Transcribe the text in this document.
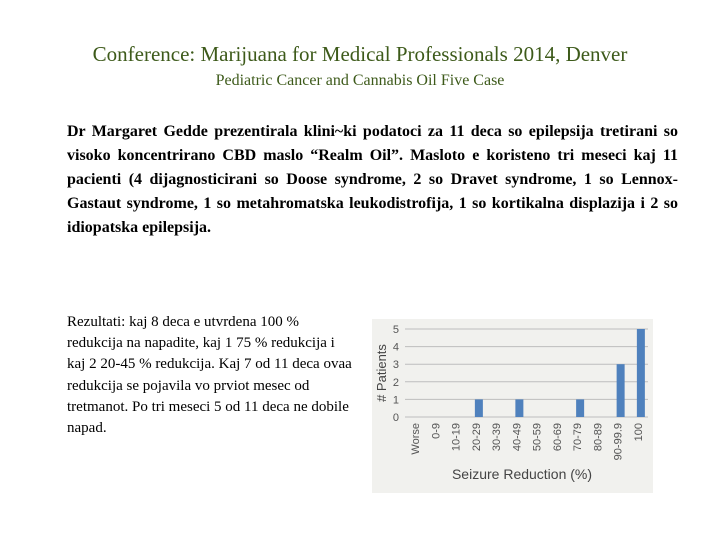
Conference: Marijuana for Medical Professionals 2014, Denver
Pediatric Cancer and Cannabis Oil Five Case
Dr Margaret Gedde prezentirala klini~ki podatoci za 11 deca so epilepsija tretirani so visoko koncentrirano CBD maslo “Realm Oil”. Masloto e koristeno tri meseci kaj 11 pacienti (4 dijagnosticirani so Doose syndrome, 2 so Dravet syndrome, 1 so Lennox-Gastaut syndrome, 1 so metahromatska leukodistrofija, 1 so kortikalna displazija i 2 so idiopatska epilepsija.
Rezultati: kaj 8 deca e utvrdena 100 % redukcija na napadite, kaj 1 75 % redukcija i kaj 2 20-45 % redukcija. Kaj 7 od 11 deca ovaa redukcija se pojavila vo prviot mesec od tretmanot. Po tri meseci 5 od 11 deca ne dobile napad.
0
1
2
3
4
5
Worse 0-9 10-19 20-29 30-39 40-49 50-59 60-69 70-79 80-89 90-99.9 100
# Patients
Seizure Reduction (%)
